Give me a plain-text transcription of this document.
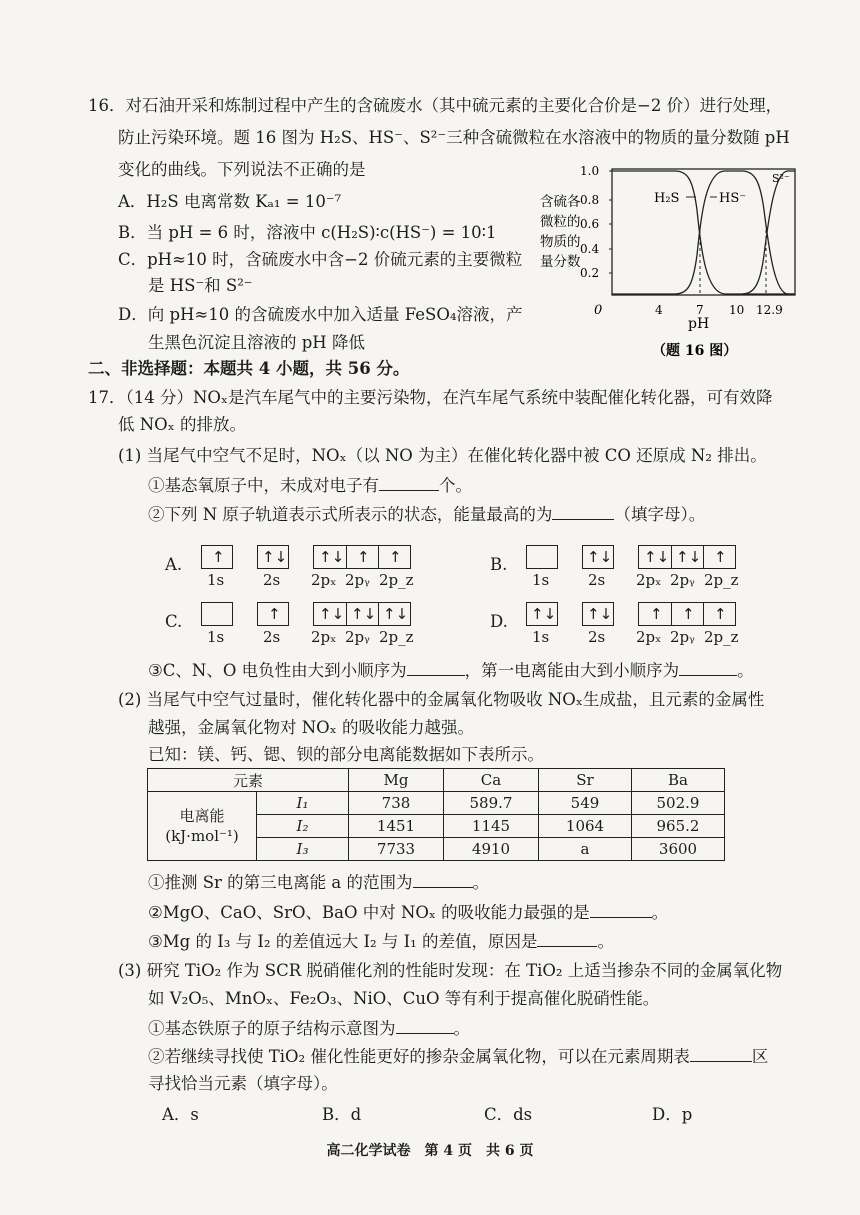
16．对石油开采和炼制过程中产生的含硫废水（其中硫元素的主要化合价是−2 价）进行处理，
防止污染环境。题 16 图为 H₂S、HS⁻、S²⁻三种含硫微粒在水溶液中的物质的量分数随 pH
变化的曲线。下列说法不正确的是
A．H₂S 电离常数 Kₐ₁ = 10⁻⁷
B．当 pH = 6 时，溶液中 c(H₂S)∶c(HS⁻) = 10∶1
C．pH≈10 时，含硫废水中含−2 价硫元素的主要微粒
是 HS⁻和 S²⁻
D．向 pH≈10 的含硫废水中加入适量 FeSO₄溶液，产
生黑色沉淀且溶液的 pH 降低
含硫各
微粒的
物质的
量分数
1.0
0.8
0.6
0.4
0.2
H₂S	HS⁻
S²⁻
0	4	7 10 12.9
pH
（题 16 图）
二、非选择题：本题共 4 小题，共 56 分。
17．（14 分）NOₓ是汽车尾气中的主要污染物，在汽车尾气系统中装配催化转化器，可有效降
低 NOₓ 的排放。
(1) 当尾气中空气不足时，NOₓ（以 NO 为主）在催化转化器中被 CO 还原成 N₂ 排出。
①基态氧原子中，未成对电子有	个。
②下列 N 原子轨道表示式所表示的状态，能量最高的为	（填字母）。
A. ↑ ↑↓ ↑↓ ↑ ↑
1s	2s 2pₓ 2pᵧ 2p_z
B.	↑↓ ↑↓ ↑↓ ↑
1s	2s 2pₓ 2pᵧ 2p_z
C.	↑	↑↓ ↑↓ ↑↓
1s	2s 2pₓ 2pᵧ 2p_z
D. ↑↓ ↑↓	↑ ↑ ↑
1s	2s 2pₓ 2pᵧ 2p_z
③C、N、O 电负性由大到小顺序为	，第一电离能由大到小顺序为	。
(2) 当尾气中空气过量时，催化转化器中的金属氧化物吸收 NOₓ生成盐，且元素的金属性
越强，金属氧化物对 NOₓ 的吸收能力越强。
已知：镁、钙、锶、钡的部分电离能数据如下表所示。
元素		Mg	Ca	Sr	Ba

电离能
(kJ·mol⁻¹)	I₁	738	589.7	549	502.9
	I₂	1451	1145	1064	965.2
	I₃	7733	4910	a	3600
①推测 Sr 的第三电离能 a 的范围为	。
②MgO、CaO、SrO、BaO 中对 NOₓ 的吸收能力最强的是	。
③Mg 的 I₃ 与 I₂ 的差值远大 I₂ 与 I₁ 的差值，原因是	。
(3) 研究 TiO₂ 作为 SCR 脱硝催化剂的性能时发现：在 TiO₂ 上适当掺杂不同的金属氧化物
如 V₂O₅、MnOₓ、Fe₂O₃、NiO、CuO 等有利于提高催化脱硝性能。
①基态铁原子的原子结构示意图为	。
②若继续寻找使 TiO₂ 催化性能更好的掺杂金属氧化物，可以在元素周期表	区
寻找恰当元素（填字母）。
A．s	B．d	C．ds	D．p
高二化学试卷　第 4 页　共 6 页
